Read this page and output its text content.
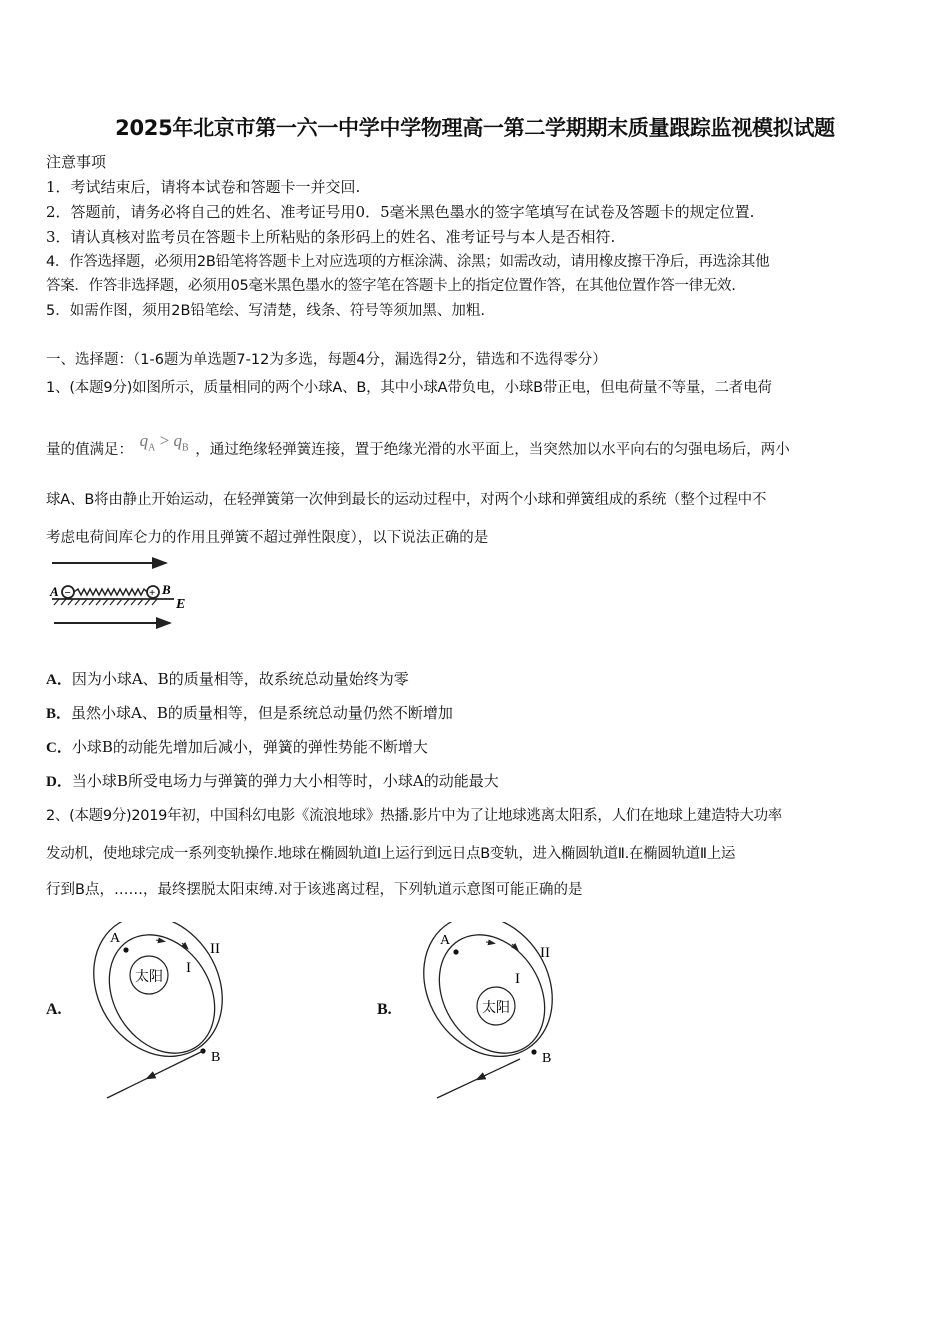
2025年北京市第一六一中学中学物理高一第二学期期末质量跟踪监视模拟试题
注意事项
1．考试结束后，请将本试卷和答题卡一并交回.
2．答题前，请务必将自己的姓名、准考证号用0．5毫米黑色墨水的签字笔填写在试卷及答题卡的规定位置.
3．请认真核对监考员在答题卡上所粘贴的条形码上的姓名、准考证号与本人是否相符.
4．作答选择题，必须用2B铅笔将答题卡上对应选项的方框涂满、涂黑；如需改动，请用橡皮擦干净后，再选涂其他
答案．作答非选择题，必须用05毫米黑色墨水的签字笔在答题卡上的指定位置作答，在其他位置作答一律无效.
5．如需作图，须用2B铅笔绘、写清楚，线条、符号等须加黑、加粗.
一、选择题：（1-6题为单选题7-12为多选，每题4分，漏选得2分，错选和不选得零分）
1、(本题9分)如图所示，质量相同的两个小球A、B，其中小球A带负电，小球B带正电，但电荷量不等量，二者电荷
量的值满足： $q_A > q_B$ ，通过绝缘轻弹簧连接，置于绝缘光滑的水平面上，当突然加以水平向右的匀强电场后，两小
球A、B将由静止开始运动，在轻弹簧第一次伸到最长的运动过程中，对两个小球和弹簧组成的系统（整个过程中不
考虑电荷间库仑力的作用且弹簧不超过弹性限度），以下说法正确的是
A −	+ B
E
A．因为小球A、B的质量相等，故系统总动量始终为零
B．虽然小球A、B的质量相等，但是系统总动量仍然不断增加
C．小球B的动能先增加后减小，弹簧的弹性势能不断增大
D．当小球B所受电场力与弹簧的弹力大小相等时，小球A的动能最大
2、(本题9分)2019年初，中国科幻电影《流浪地球》热播.影片中为了让地球逃离太阳系，人们在地球上建造特大功率
发动机，使地球完成一系列变轨操作.地球在椭圆轨道Ⅰ上运行到远日点B变轨，进入椭圆轨道Ⅱ.在椭圆轨道Ⅱ上运
行到B点，……，最终摆脱太阳束缚.对于该逃离过程，下列轨道示意图可能正确的是
A.
太阳
A
I
II
B
B.	太阳
A
I
II
B
